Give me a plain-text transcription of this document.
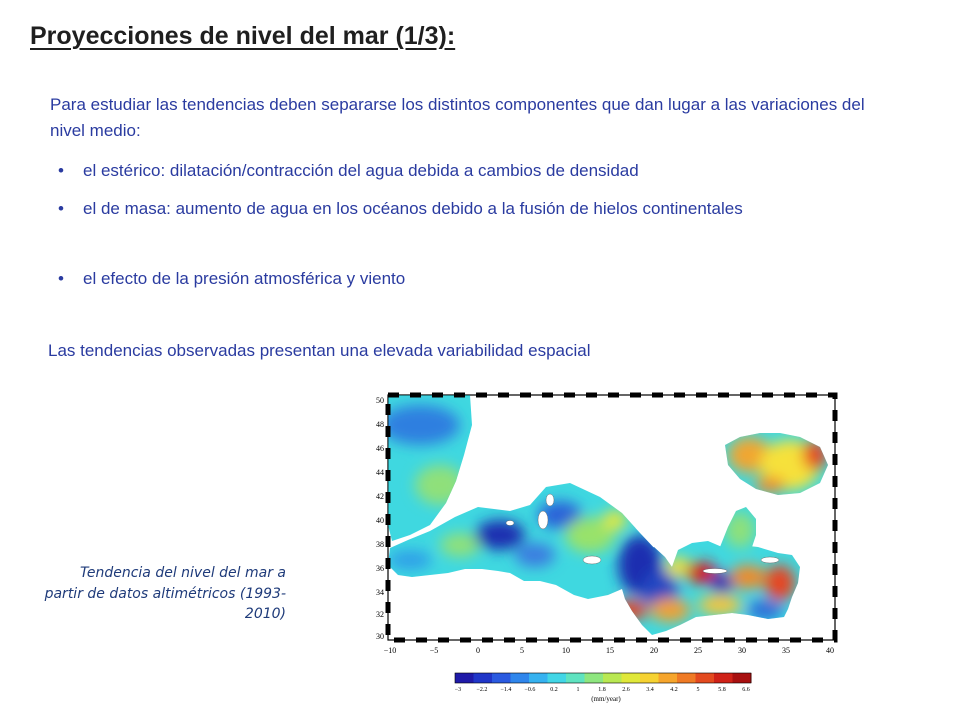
Proyecciones de nivel del mar (1/3):
Para estudiar las tendencias deben separarse los distintos componentes que dan lugar a las variaciones del nivel medio:
• el estérico: dilatación/contracción del agua debida a cambios de densidad
• el de masa: aumento de agua en los océanos debido a la fusión de hielos continentales
• el efecto de la presión atmosférica y viento
Las tendencias observadas presentan una elevada variabilidad espacial
Tendencia del nivel del mar a partir de datos altimétricos (1993-2010)
50
48
46
44
42
40
38
36
34
32
30
−10	−5	0	5	10	15	20	25	30	35	40
−3	−2.2 −1.4 −0.6 0.2	1	1.8	2.6	3.4	4.2	5	5.8	6.6
(mm/year)
